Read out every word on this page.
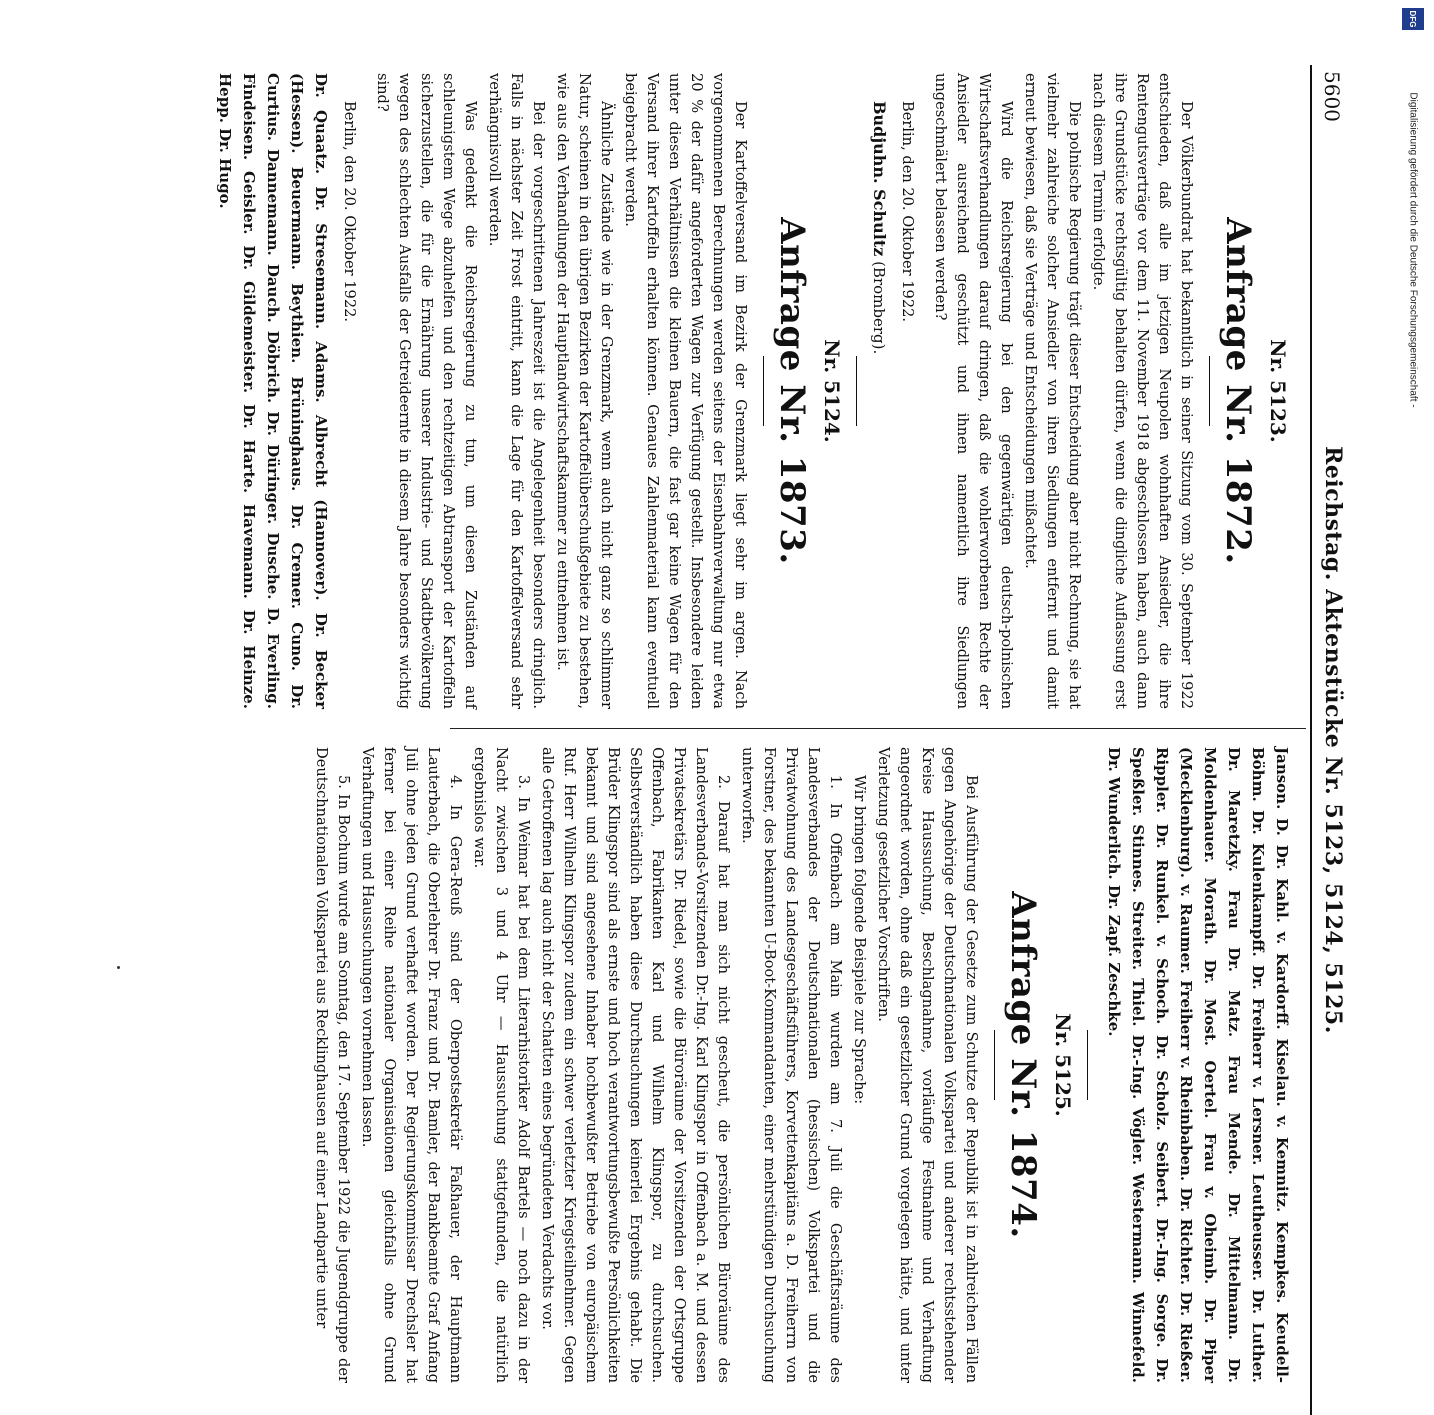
5600
Reichstag. Aktenstücke Nr. 5123, 5124, 5125.
Nr. 5123.
Anfrage Nr. 1872.

Der Völkerbundrat hat bekanntlich in seiner Sitzung vom 30. September 1922 entschieden, daß alle im jetzigen Neupolen wohnhaften Ansiedler, die ihre Rentengutsverträge vor dem 11. November 1918 abgeschlossen haben, auch dann ihre Grundstücke rechtsgültig behalten dürfen, wenn die dingliche Auflassung erst nach diesem Termin erfolgte.

Die polnische Regierung trägt dieser Entscheidung aber nicht Rechnung, sie hat vielmehr zahlreiche solcher Ansiedler von ihren Siedlungen entfernt und damit erneut bewiesen, daß sie Verträge und Entscheidungen mißachtet.

Wird die Reichsregierung bei den gegenwärtigen deutsch-polnischen Wirtschaftsverhandlungen darauf dringen, daß die wohlerworbenen Rechte der Ansiedler ausreichend geschützt und ihnen namentlich ihre Siedlungen ungeschmälert belassen werden?

Berlin, den 20. Oktober 1922.

Budjuhn. Schultz (Bromberg).

Nr. 5124.
Anfrage Nr. 1873.

Der Kartoffelversand im Bezirk der Grenzmark liegt sehr im argen. Nach vorgenommenen Berechnungen werden seitens der Eisenbahnverwaltung nur etwa 20 % der dafür angeforderten Wagen zur Verfügung gestellt. Insbesondere leiden unter diesen Verhältnissen die kleinen Bauern, die fast gar keine Wagen für den Versand ihrer Kartoffeln erhalten können. Genaues Zahlenmaterial kann eventuell beigebracht werden.

Ähnliche Zustände wie in der Grenzmark, wenn auch nicht ganz so schlimmer Natur, scheinen in den übrigen Bezirken der Kartoffelüberschußgebiete zu bestehen, wie aus den Verhandlungen der Hauptlandwirtschaftskammer zu entnehmen ist.

Bei der vorgeschrittenen Jahreszeit ist die Angelegenheit besonders dringlich. Falls in nächster Zeit Frost eintritt, kann die Lage für den Kartoffelversand sehr verhängnisvoll werden.

Was gedenkt die Reichsregierung zu tun, um diesen Zuständen auf schleunigstem Wege abzuhelfen und den rechtzeitigen Abtransport der Kartoffeln sicherzustellen, die für die Ernährung unserer Industrie- und Stadtbevölkerung wegen des schlechten Ausfalls der Getreideernte in diesem Jahre besonders wichtig sind?

Berlin, den 20. Oktober 1922.

Dr. Quaatz. Dr. Stresemann. Adams. Albrecht (Hannover). Dr. Becker (Hessen). Beuermann. Beythien. Brüninghaus. Dr. Cremer. Cuno. Dr. Curtius. Dannemann. Dauch. Döbrich. Dr. Düringer. Dusche. D. Everling. Findeisen. Geisler. Dr. Gildemeister. Dr. Harte. Havemann. Dr. Heinze. Hepp. Dr. Hugo.

Janson. D. Dr. Kahl. v. Kardorff. Kiselau. v. Kemnitz. Kempkes. Keudell-Böhm. Dr. Kulenkampff. Dr. Freiherr v. Lersner. Leutheusser. Dr. Luther. Dr. Maretzky. Frau Dr. Matz. Frau Mende. Dr. Mittelmann. Dr. Moldenhauer. Morath. Dr. Most. Oertel. Frau v. Oheimb. Dr. Piper (Mecklenburg). v. Raumer. Freiherr v. Rheinbaben. Dr. Richter. Dr. Rießer. Rippler. Dr. Runkel. v. Schoch. Dr. Scholz. Seibert. Dr.-Ing. Sorge. Dr. Speßler. Stinnes. Streiter. Thiel. Dr.-Ing. Vögler. Westermann. Winnefeld. Dr. Wunderlich. Dr. Zapf. Zeschke.

Nr. 5125.
Anfrage Nr. 1874.

Bei Ausführung der Gesetze zum Schutze der Republik ist in zahlreichen Fällen gegen Angehörige der Deutschnationalen Volkspartei und anderer rechtsstehender Kreise Haussuchung, Beschlagnahme, vorläufige Festnahme und Verhaftung angeordnet worden, ohne daß ein gesetzlicher Grund vorgelegen hätte, und unter Verletzung gesetzlicher Vorschriften.

Wir bringen folgende Beispiele zur Sprache:

1. In Offenbach am Main wurden am 7. Juli die Geschäftsräume des Landesverbandes der Deutschnationalen (hessischen) Volkspartei und die Privatwohnung des Landesgeschäftsführers, Korvettenkapitäns a. D. Freiherrn von Forstner, des bekannten U-Boot-Kommandanten, einer mehrstündigen Durchsuchung unterworfen.

2. Darauf hat man sich nicht gescheut, die persönlichen Büroräume des Landesverbands-Vorsitzenden Dr.-Ing. Karl Klingspor in Offenbach a. M. und dessen Privatsekretärs Dr. Riedel, sowie die Büroräume der Vorsitzenden der Ortsgruppe Offenbach, Fabrikanten Karl und Wilhelm Klingspor, zu durchsuchen. Selbstverständlich haben diese Durchsuchungen keinerlei Ergebnis gehabt. Die Brüder Klingspor sind als ernste und hoch verantwortungsbewußte Persönlichkeiten bekannt und sind angesehene Inhaber hochbewußter Betriebe von europäischem Ruf. Herr Wilhelm Klingspor zudem ein schwer verletzter Kriegsteilnehmer. Gegen alle Getroffenen lag auch nicht der Schatten eines begründeten Verdachts vor.

3. In Weimar hat bei dem Literarhistoriker Adolf Bartels — noch dazu in der Nacht zwischen 3 und 4 Uhr — Haussuchung stattgefunden, die natürlich ergebnislos war.

4. In Gera-Reuß sind der Oberpostsekretär Faßhauer, der Hauptmann Lauterbach, die Oberlehrer Dr. Franz und Dr. Bamler, der Bankbeamte Graf Anfang Juli ohne jeden Grund verhaftet worden. Der Regierungskommissar Drechsler hat ferner bei einer Reihe nationaler Organisationen gleichfalls ohne Grund Verhaftungen und Haussuchungen vornehmen lassen.

5. In Bochum wurde am Sonntag, den 17. September 1922 die Jugendgruppe der Deutschnationalen Volkspartei aus Recklinghausen auf einer Landpartie unter

DFG
Digitalisierung gefördert durch die Deutsche Forschungsgemeinschaft -
